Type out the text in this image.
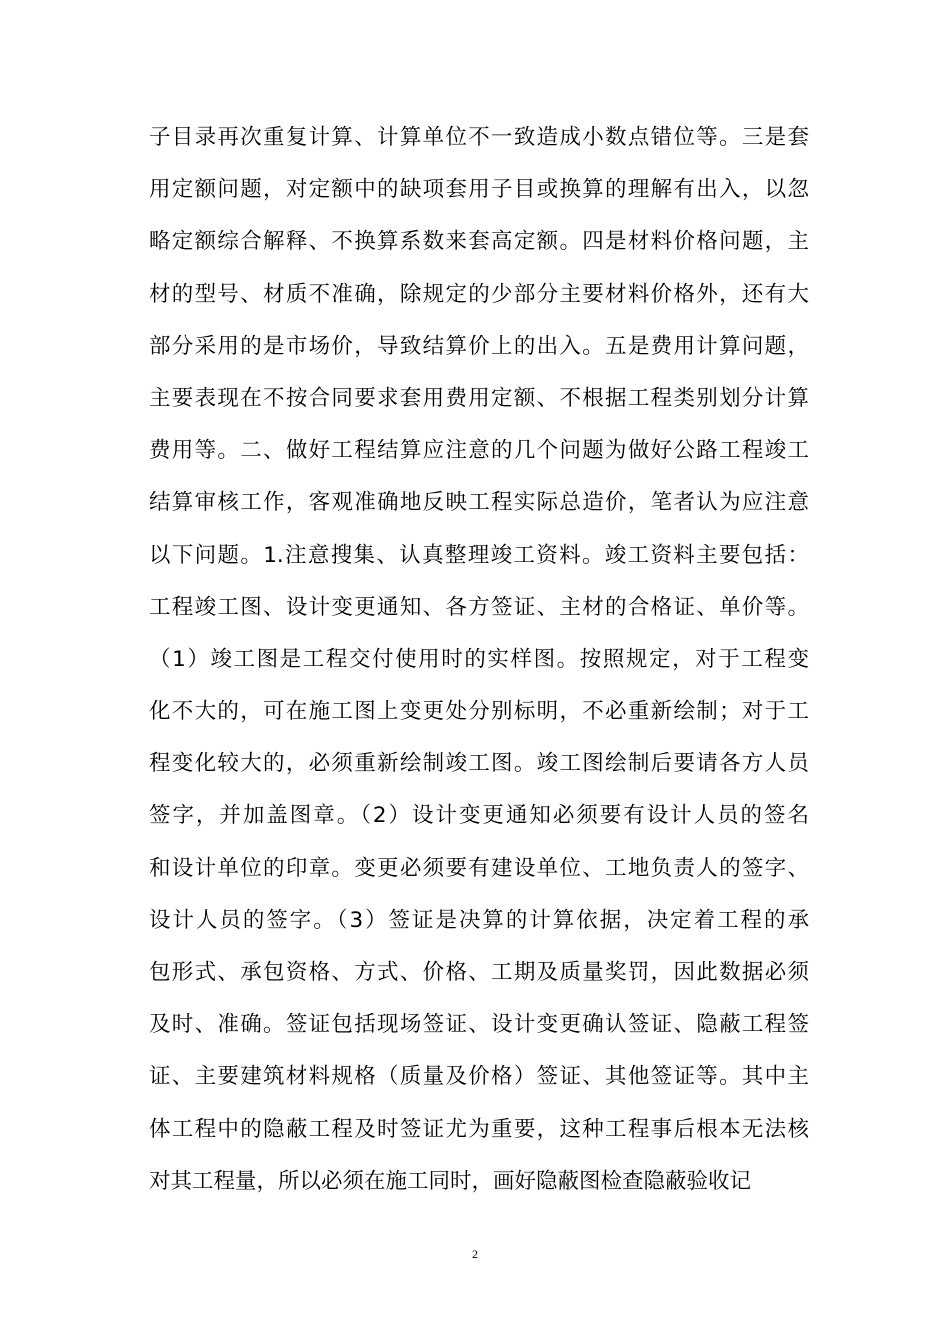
子目录再次重复计算、计算单位不一致造成小数点错位等。三是套
用定额问题，对定额中的缺项套用子目或换算的理解有出入，以忽
略定额综合解释、不换算系数来套高定额。四是材料价格问题，主
材的型号、材质不准确，除规定的少部分主要材料价格外，还有大
部分采用的是市场价，导致结算价上的出入。五是费用计算问题，
主要表现在不按合同要求套用费用定额、不根据工程类别划分计算
费用等。二、做好工程结算应注意的几个问题为做好公路工程竣工
结算审核工作，客观准确地反映工程实际总造价，笔者认为应注意
以下问题。1.注意搜集、认真整理竣工资料。竣工资料主要包括：
工程竣工图、设计变更通知、各方签证、主材的合格证、单价等。
（1）竣工图是工程交付使用时的实样图。按照规定，对于工程变
化不大的，可在施工图上变更处分别标明，不必重新绘制；对于工
程变化较大的，必须重新绘制竣工图。竣工图绘制后要请各方人员
签字，并加盖图章。（2）设计变更通知必须要有设计人员的签名
和设计单位的印章。变更必须要有建设单位、工地负责人的签字、
设计人员的签字。（3）签证是决算的计算依据，决定着工程的承
包形式、承包资格、方式、价格、工期及质量奖罚，因此数据必须
及时、准确。签证包括现场签证、设计变更确认签证、隐蔽工程签
证、主要建筑材料规格（质量及价格）签证、其他签证等。其中主
体工程中的隐蔽工程及时签证尤为重要，这种工程事后根本无法核
对其工程量，所以必须在施工同时，画好隐蔽图检查隐蔽验收记
2
